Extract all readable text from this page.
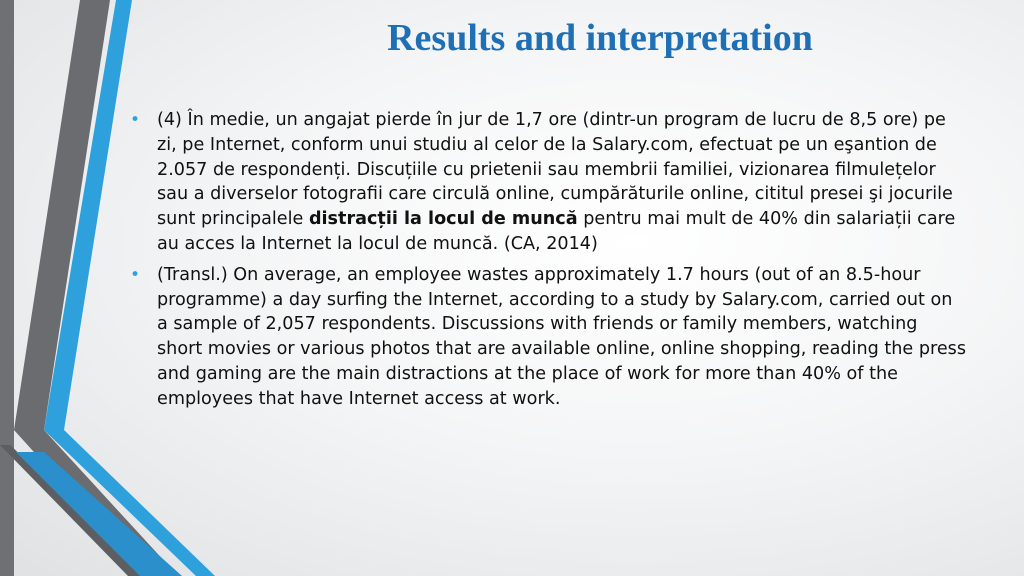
Results and interpretation
• (4) În medie, un angajat pierde în jur de 1,7 ore (dintr-un program de lucru de 8,5 ore) pe zi, pe Internet, conform unui studiu al celor de la Salary.com, efectuat pe un eşantion de 2.057 de respondenți. Discuțiile cu prietenii sau membrii familiei, vizionarea filmulețelor sau a diverselor fotografii care circulă online, cumpărăturile online, cititul presei şi jocurile sunt principalele distracții la locul de muncă pentru mai mult de 40% din salariații care au acces la Internet la locul de muncă. (CA, 2014)
• (Transl.) On average, an employee wastes approximately 1.7 hours (out of an 8.5-hour programme) a day surfing the Internet, according to a study by Salary.com, carried out on a sample of 2,057 respondents. Discussions with friends or family members, watching short movies or various photos that are available online, online shopping, reading the press and gaming are the main distractions at the place of work for more than 40% of the employees that have Internet access at work.
